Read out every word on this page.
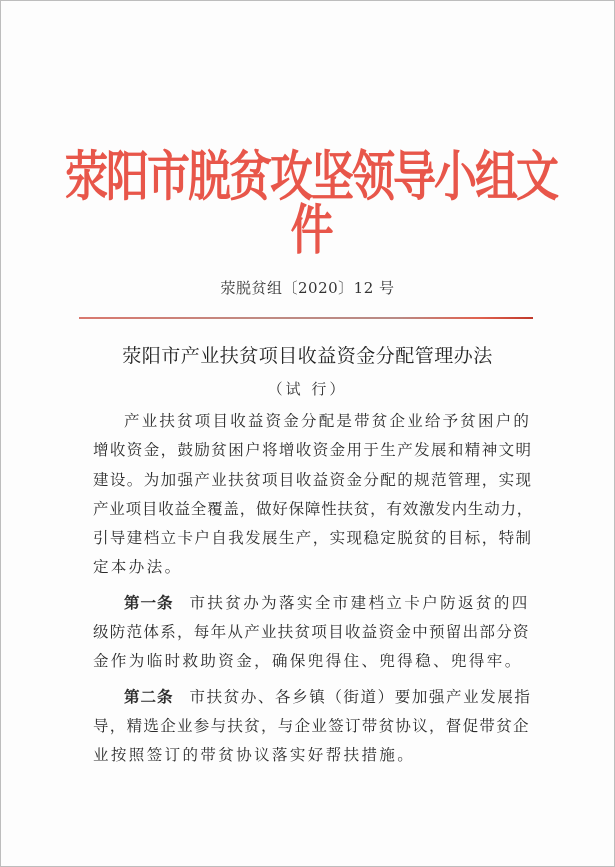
荥阳市脱贫攻坚领导小组文件
荥脱贫组〔2020〕12 号
荥阳市产业扶贫项目收益资金分配管理办法
（试 行）
产业扶贫项目收益资金分配是带贫企业给予贫困户的
增收资金，鼓励贫困户将增收资金用于生产发展和精神文明
建设。为加强产业扶贫项目收益资金分配的规范管理，实现
产业项目收益全覆盖，做好保障性扶贫，有效激发内生动力，
引导建档立卡户自我发展生产，实现稳定脱贫的目标，特制
定本办法。
第一条 市扶贫办为落实全市建档立卡户防返贫的四
级防范体系，每年从产业扶贫项目收益资金中预留出部分资
金作为临时救助资金，确保兜得住、兜得稳、兜得牢。
第二条 市扶贫办、各乡镇（街道）要加强产业发展指
导，精选企业参与扶贫，与企业签订带贫协议，督促带贫企
业按照签订的带贫协议落实好帮扶措施。
